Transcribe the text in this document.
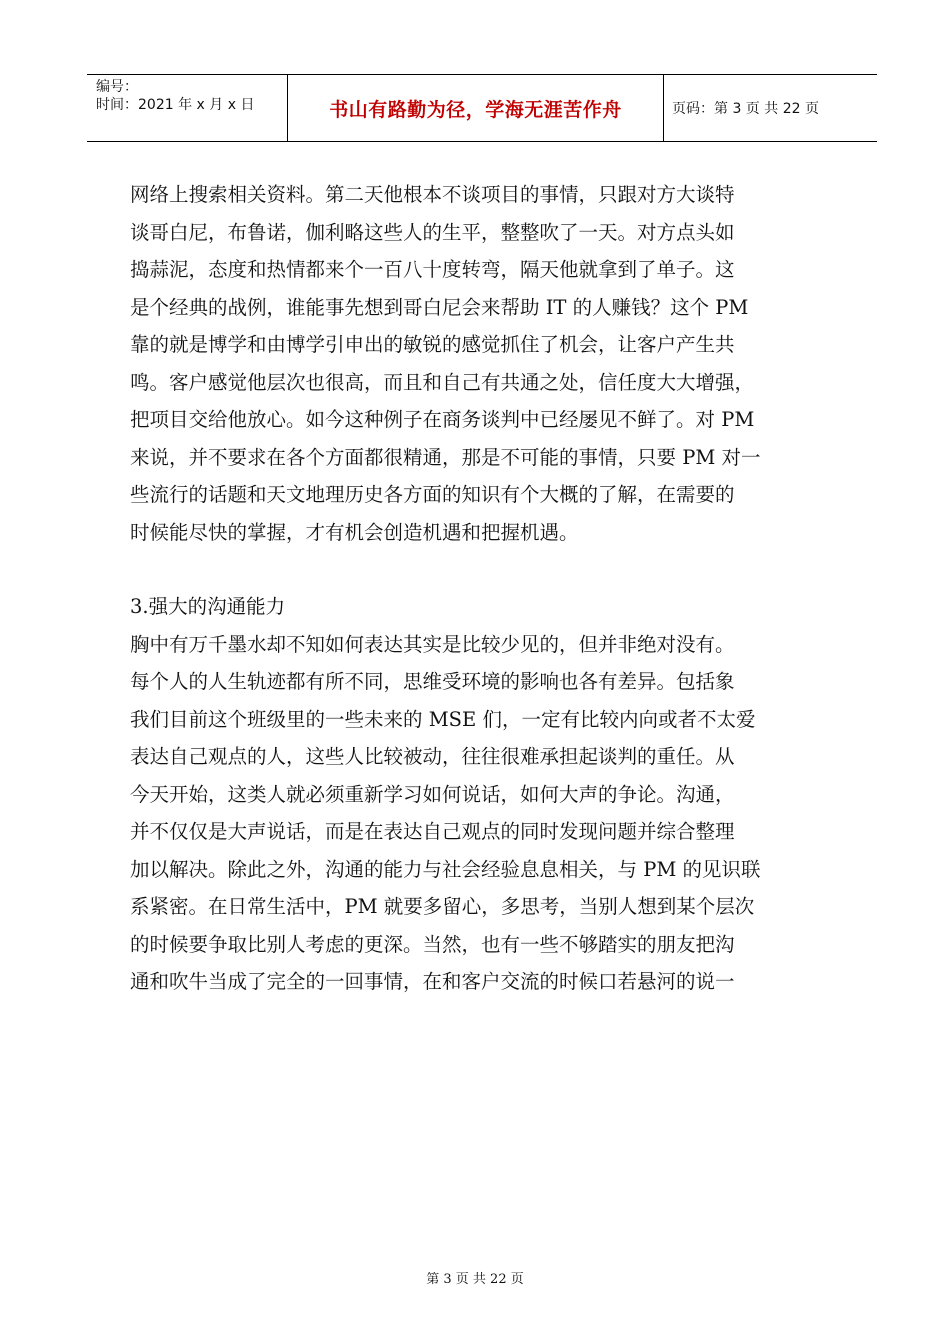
编号：
时间：2021 年 x 月 x 日	书山有路勤为径，学海无涯苦作舟	页码：第 3 页 共 22 页

网络上搜索相关资料。第二天他根本不谈项目的事情，只跟对方大谈特

谈哥白尼，布鲁诺，伽利略这些人的生平，整整吹了一天。对方点头如

捣蒜泥，态度和热情都来个一百八十度转弯，隔天他就拿到了单子。这

是个经典的战例，谁能事先想到哥白尼会来帮助 IT 的人赚钱？这个 PM

靠的就是博学和由博学引申出的敏锐的感觉抓住了机会，让客户产生共

鸣。客户感觉他层次也很高，而且和自己有共通之处，信任度大大增强，

把项目交给他放心。如今这种例子在商务谈判中已经屡见不鲜了。对 PM

来说，并不要求在各个方面都很精通，那是不可能的事情，只要 PM 对一

些流行的话题和天文地理历史各方面的知识有个大概的了解，在需要的

时候能尽快的掌握，才有机会创造机遇和把握机遇。

3.强大的沟通能力

胸中有万千墨水却不知如何表达其实是比较少见的，但并非绝对没有。

每个人的人生轨迹都有所不同，思维受环境的影响也各有差异。包括象

我们目前这个班级里的一些未来的 MSE 们，一定有比较内向或者不太爱

表达自己观点的人，这些人比较被动，往往很难承担起谈判的重任。从

今天开始，这类人就必须重新学习如何说话，如何大声的争论。沟通，

并不仅仅是大声说话，而是在表达自己观点的同时发现问题并综合整理

加以解决。除此之外，沟通的能力与社会经验息息相关，与 PM 的见识联

系紧密。在日常生活中，PM 就要多留心，多思考，当别人想到某个层次

的时候要争取比别人考虑的更深。当然，也有一些不够踏实的朋友把沟

通和吹牛当成了完全的一回事情，在和客户交流的时候口若悬河的说一

第 3 页 共 22 页
